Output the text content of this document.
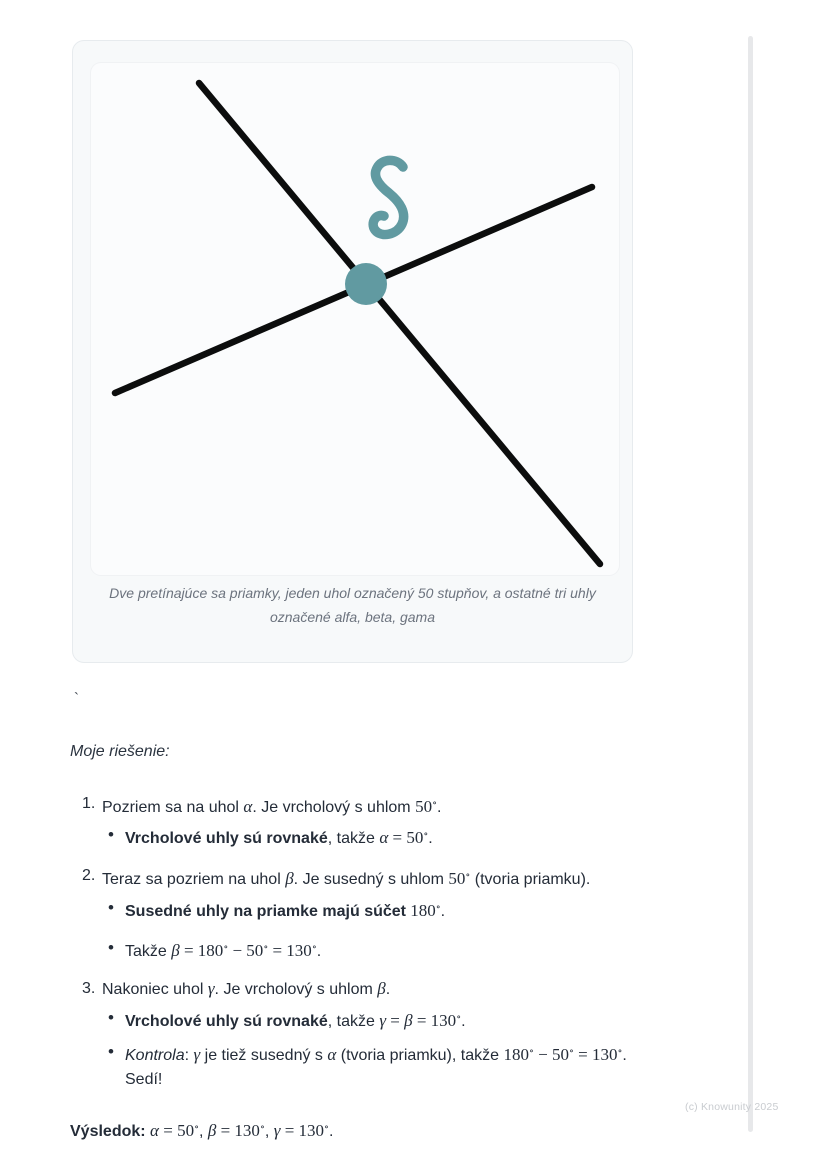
Dve pretínajúce sa priamky, jeden uhol označený 50 stupňov, a ostatné tri uhly označené alfa, beta, gama
`

Moje riešenie:

1. Pozriem sa na uhol α. Je vrcholový s uhlom 50∘.
• Vrcholové uhly sú rovnaké, takže α = 50∘.
2. Teraz sa pozriem na uhol β. Je susedný s uhlom 50∘ (tvoria priamku).
• Susedné uhly na priamke majú súčet 180∘.
• Takže β = 180∘ − 50∘ = 130∘.
3. Nakoniec uhol γ. Je vrcholový s uhlom β.
• Vrcholové uhly sú rovnaké, takže γ = β = 130∘.
• Kontrola: γ je tiež susedný s α (tvoria priamku), takže 180∘ − 50∘ = 130∘.
Sedí!

Výsledok: α = 50∘, β = 130∘, γ = 130∘.

(c) Knowunity 2025
